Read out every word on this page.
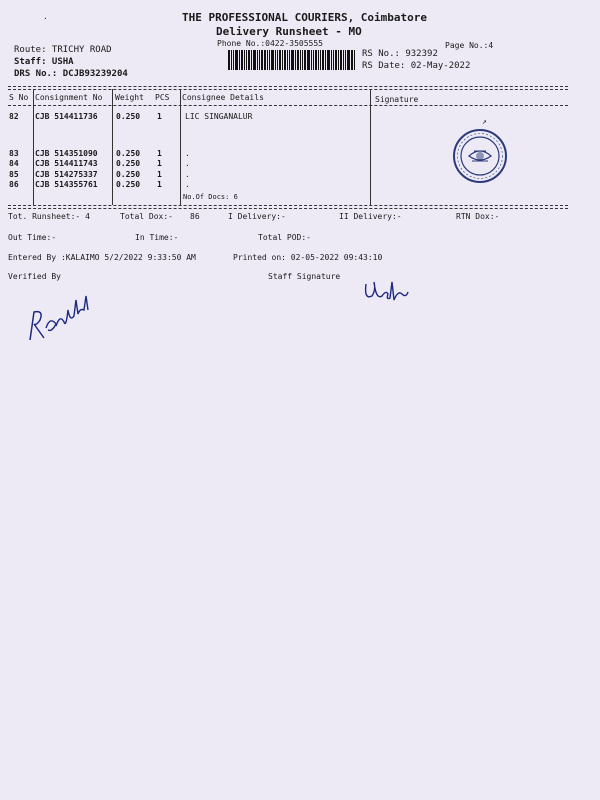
THE PROFESSIONAL COURIERS, Coimbatore
Delivery Runsheet - MO
Phone No.:0422-3505555	Page No.:4
Route: TRICHY ROAD
Staff: USHA
DRS No.: DCJB93239204
RS No.: 932392
RS Date: 02-May-2022
S No Consignment No Weight PCS Consignee Details	Signature
82 CJB 514411736 0.250 1	LIC SINGANALUR
83 CJB 514351090 0.250 1	.
84 CJB 514411743 0.250 1	.
85 CJB 514275337 0.250 1	.
86 CJB 514355761 0.250 1	.
No.Of Docs: 6
↗
Tot. Runsheet:- 4	Total Dox:- 86	I Delivery:-	II Delivery:-	RTN Dox:-
Out Time:-	In Time:-	Total POD:-
Entered By :KALAIMO 5/2/2022 9:33:50 AM	Printed on: 02-05-2022 09:43:10
Verified By	Staff Signature
·
